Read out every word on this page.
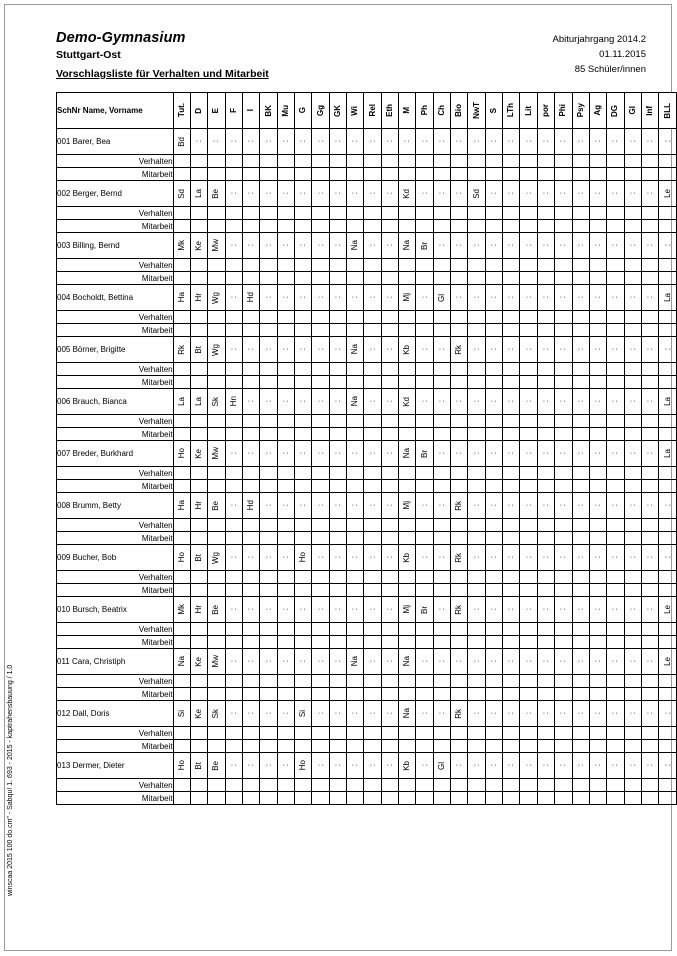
Demo-Gymnasium
Stuttgart-Ost
Vorschlagsliste für Verhalten und Mitarbeit
Abiturjahrgang 2014.2
01.11.2015
85 Schüler/innen
winscaa 2015 100 do.cm" - Sabqu! 1. 693 - 2015 - kaptrahensbauung / 1.0
SchNr Name, Vorname	Tut.	D	E	F	I	BK	Mu	G	Gg	GK	Wi	Rel	Eth	M	Ph	Ch	Bio	NwT	S	LTh	Lit	por	Phi	Psy	Ag	DG	GI	Inf	BLL

001 Barer, Bea	Bd	:	:	:	:	:	:	:	:	:	:	:	:	:	:	:	:	:	:	:	:	:	:	:	:	:	:	:	:

Verhalten																													
Mitarbeit																													
002 Berger, Bernd	Sd	La	Be	:	:	:	:	:	:	:	:	:	:	Kd	:	:	:	Sd	:	:	:	:	:	:	:	:	:	:	Le

Verhalten																													
Mitarbeit																													
003 Billing, Bernd	Mk	Ke	Mw	:	:	:	:	:	:	:	Na	:	:	Na	Br	:	:	:	:	:	:	:	:	:	:	:	:	:	:

Verhalten																													
Mitarbeit																													
004 Bocholdt, Bettina	Ha	Hr	Wg	:	Hd	:	:	:	:	:	:	:	:	Mj	:	Gl	:	:	:	:	:	:	:	:	:	:	:	:	La

Verhalten																													
Mitarbeit																													
005 Börner, Brigitte	Rk	Bt	Wg	:	:	:	:	:	:	:	Na	:	:	Kb	:	:	Rk	:	:	:	:	:	:	:	:	:	:	:	:

Verhalten																													
Mitarbeit																													
006 Brauch, Bianca	La	La	Sk	Hn	:	:	:	:	:	:	Na	:	:	Kd	:	:	:	:	:	:	:	:	:	:	:	:	:	:	La

Verhalten																													
Mitarbeit																													
007 Breder, Burkhard	Ho	Ke	Mw	:	:	:	:	:	:	:	:	:	:	Na	Br	:	:	:	:	:	:	:	:	:	:	:	:	:	La

Verhalten																													
Mitarbeit																													
008 Brumm, Betty	Ha	Hr	Be	:	Hd	:	:	:	:	:	:	:	:	Mj	:	:	Rk	:	:	:	:	:	:	:	:	:	:	:	:

Verhalten																													
Mitarbeit																													
009 Bucher, Bob	Ho	Bt	Wg	:	:	:	:	Ho	:	:	:	:	:	Kb	:	:	Rk	:	:	:	:	:	:	:	:	:	:	:	:

Verhalten																													
Mitarbeit																													
010 Bursch, Beatrix	Mk	Hr	Be	:	:	:	:	:	:	:	:	:	:	Mj	Br	:	Rk	:	:	:	:	:	:	:	:	:	:	:	Le

Verhalten																													
Mitarbeit																													
011 Cara, Christiph	Na	Ke	Mw	:	:	:	:	:	:	:	Na	:	:	Na	:	:	:	:	:	:	:	:	:	:	:	:	:	:	Le

Verhalten																													
Mitarbeit																													
012 Dall, Doris	Si	Ke	Sk	:	:	:	:	Si	:	:	:	:	:	Na	:	:	Rk	:	:	:	:	:	:	:	:	:	:	:	:

Verhalten																													
Mitarbeit																													
013 Dermer, Dieter	Ho	Bt	Be	:	:	:	:	Ho	:	:	:	:	:	Kb	:	Gl	:	:	:	:	:	:	:	:	:	:	:	:	:

Verhalten																													
Mitarbeit																													
